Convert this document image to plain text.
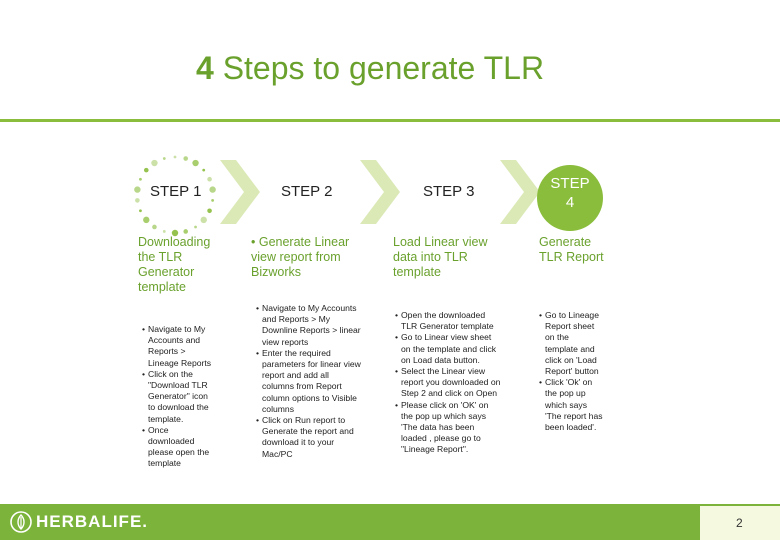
4 Steps to generate TLR
STEP 1	STEP 2	STEP 3	STEP
4
Downloading the TLR Generator template
• Generate Linear view report from Bizworks
Load Linear view data into TLR template
Generate TLR Report
• Navigate to My Accounts and Reports > Lineage Reports
• Click on the "Download TLR Generator" icon to download the template.
• Once downloaded please open the template
• Navigate to My Accounts and Reports > My Downline Reports > linear view reports
• Enter the required parameters for linear view report and add all columns from Report column options to Visible columns
• Click on Run report to Generate the report and download it to your Mac/PC
• Open the downloaded TLR Generator template
• Go to Linear view sheet on the template and click on Load data button.
• Select the Linear view report you downloaded on Step 2 and click on Open
• Please click on 'OK' on the pop up which says 'The data has been loaded , please go to "Lineage Report".
• Go to Lineage Report sheet on the template and click on 'Load Report' button
• Click 'Ok' on the pop up which says 'The report has been loaded'.
HERBALIFE.	2
